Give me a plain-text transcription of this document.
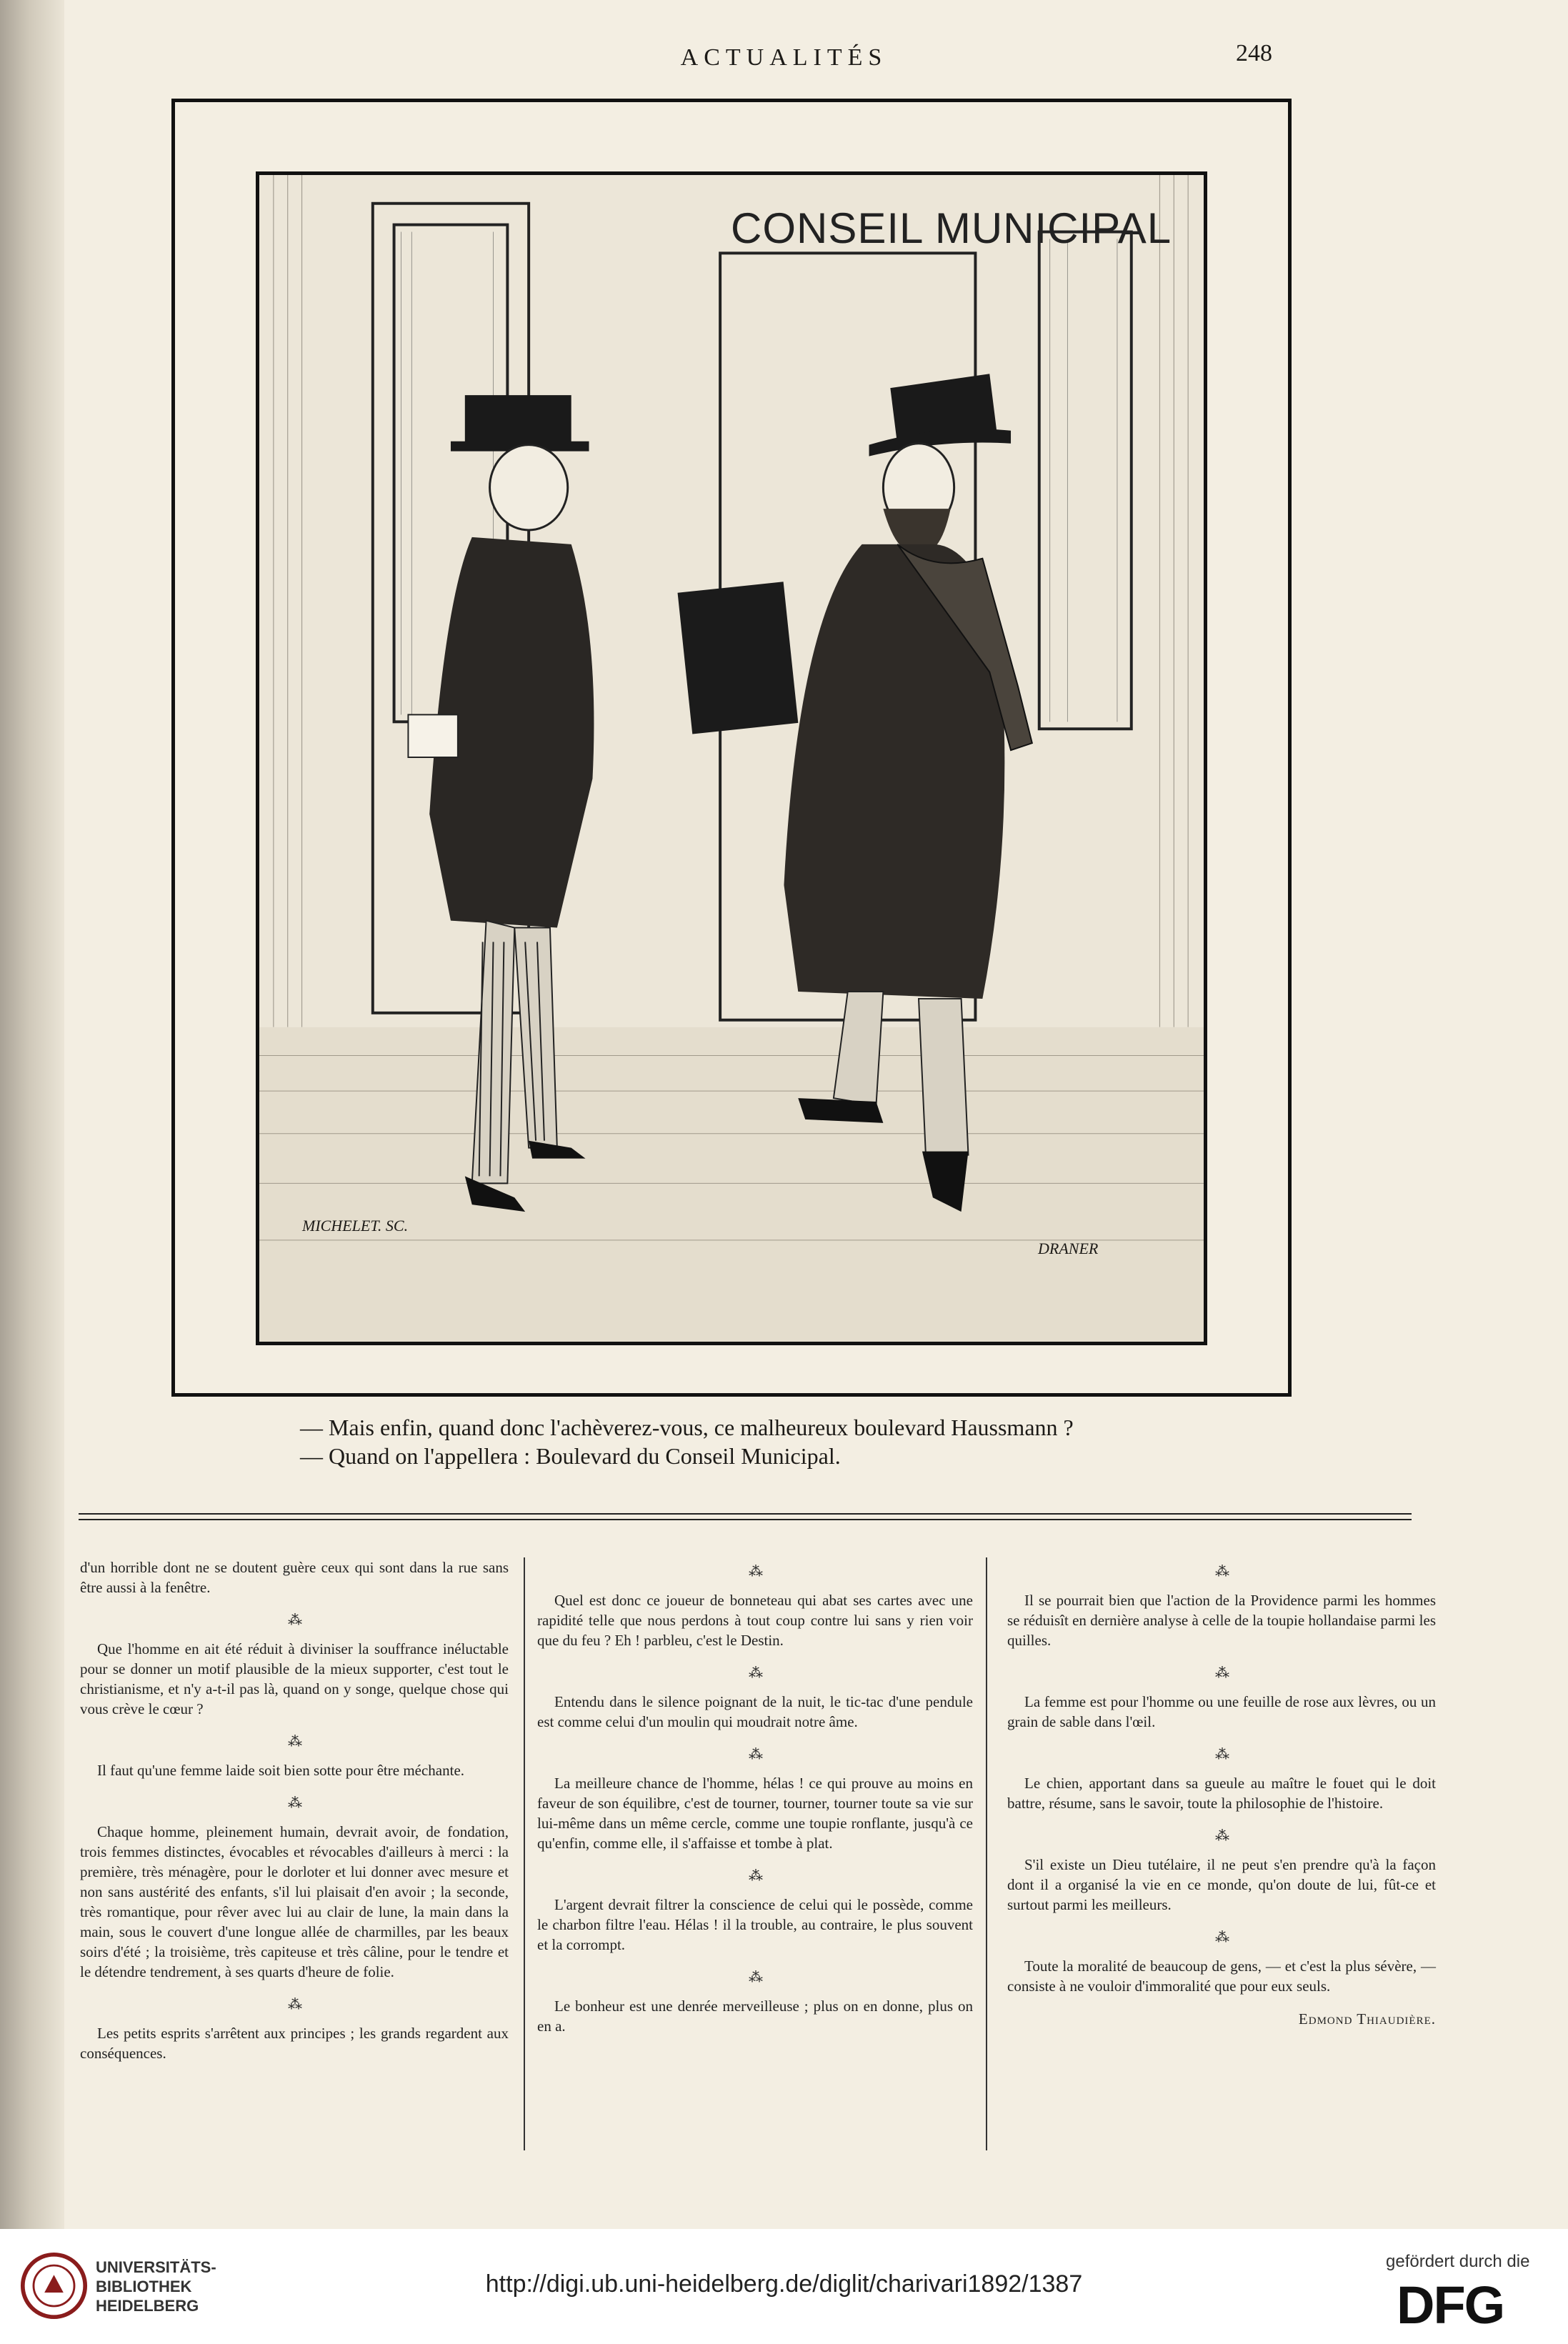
ACTUALITÉS	248
CONSEIL MUNICIPAL
MICHELET. SC.
DRANER
— Mais enfin, quand donc l'achèverez-vous, ce malheureux boulevard Haussmann ?
— Quand on l'appellera : Boulevard du Conseil Municipal.

d'un horrible dont ne se doutent guère ceux qui sont dans la rue sans être aussi à la fenêtre.

⁂

Que l'homme en ait été réduit à diviniser la souffrance inéluctable pour se donner un motif plausible de la mieux supporter, c'est tout le christianisme, et n'y a-t-il pas là, quand on y songe, quelque chose qui vous crève le cœur ?

⁂

Il faut qu'une femme laide soit bien sotte pour être méchante.

⁂

Chaque homme, pleinement humain, devrait avoir, de fondation, trois femmes distinctes, évocables et révocables d'ailleurs à merci : la première, très ménagère, pour le dorloter et lui donner avec mesure et non sans austérité des enfants, s'il lui plaisait d'en avoir ; la seconde, très romantique, pour rêver avec lui au clair de lune, la main dans la main, sous le couvert d'une longue allée de charmilles, par les beaux soirs d'été ; la troisième, très capiteuse et très câline, pour le tendre et le détendre tendrement, à ses quarts d'heure de folie.

⁂

Les petits esprits s'arrêtent aux principes ; les grands regardent aux conséquences.

⁂

Quel est donc ce joueur de bonneteau qui abat ses cartes avec une rapidité telle que nous perdons à tout coup contre lui sans y rien voir que du feu ? Eh ! parbleu, c'est le Destin.

⁂

Entendu dans le silence poignant de la nuit, le tic-tac d'une pendule est comme celui d'un moulin qui moudrait notre âme.

⁂

La meilleure chance de l'homme, hélas ! ce qui prouve au moins en faveur de son équilibre, c'est de tourner, tourner, tourner toute sa vie sur lui-même dans un même cercle, comme une toupie ronflante, jusqu'à ce qu'enfin, comme elle, il s'affaisse et tombe à plat.

⁂

L'argent devrait filtrer la conscience de celui qui le possède, comme le charbon filtre l'eau. Hélas ! il la trouble, au contraire, le plus souvent et la corrompt.

⁂

Le bonheur est une denrée merveilleuse ; plus on en donne, plus on en a.

⁂

Il se pourrait bien que l'action de la Providence parmi les hommes se réduisît en dernière analyse à celle de la toupie hollandaise parmi les quilles.

⁂

La femme est pour l'homme ou une feuille de rose aux lèvres, ou un grain de sable dans l'œil.

⁂

Le chien, apportant dans sa gueule au maître le fouet qui le doit battre, résume, sans le savoir, toute la philosophie de l'histoire.

⁂

S'il existe un Dieu tutélaire, il ne peut s'en prendre qu'à la façon dont il a organisé la vie en ce monde, qu'on doute de lui, fût-ce et surtout parmi les meilleurs.

⁂

Toute la moralité de beaucoup de gens, — et c'est la plus sévère, — consiste à ne vouloir d'immoralité que pour eux seuls.

Edmond Thiaudière.
UNIVERSITÄTS-
BIBLIOTHEK
HEIDELBERG
http://digi.ub.uni-heidelberg.de/diglit/charivari1892/1387
gefördert durch die
DFG
